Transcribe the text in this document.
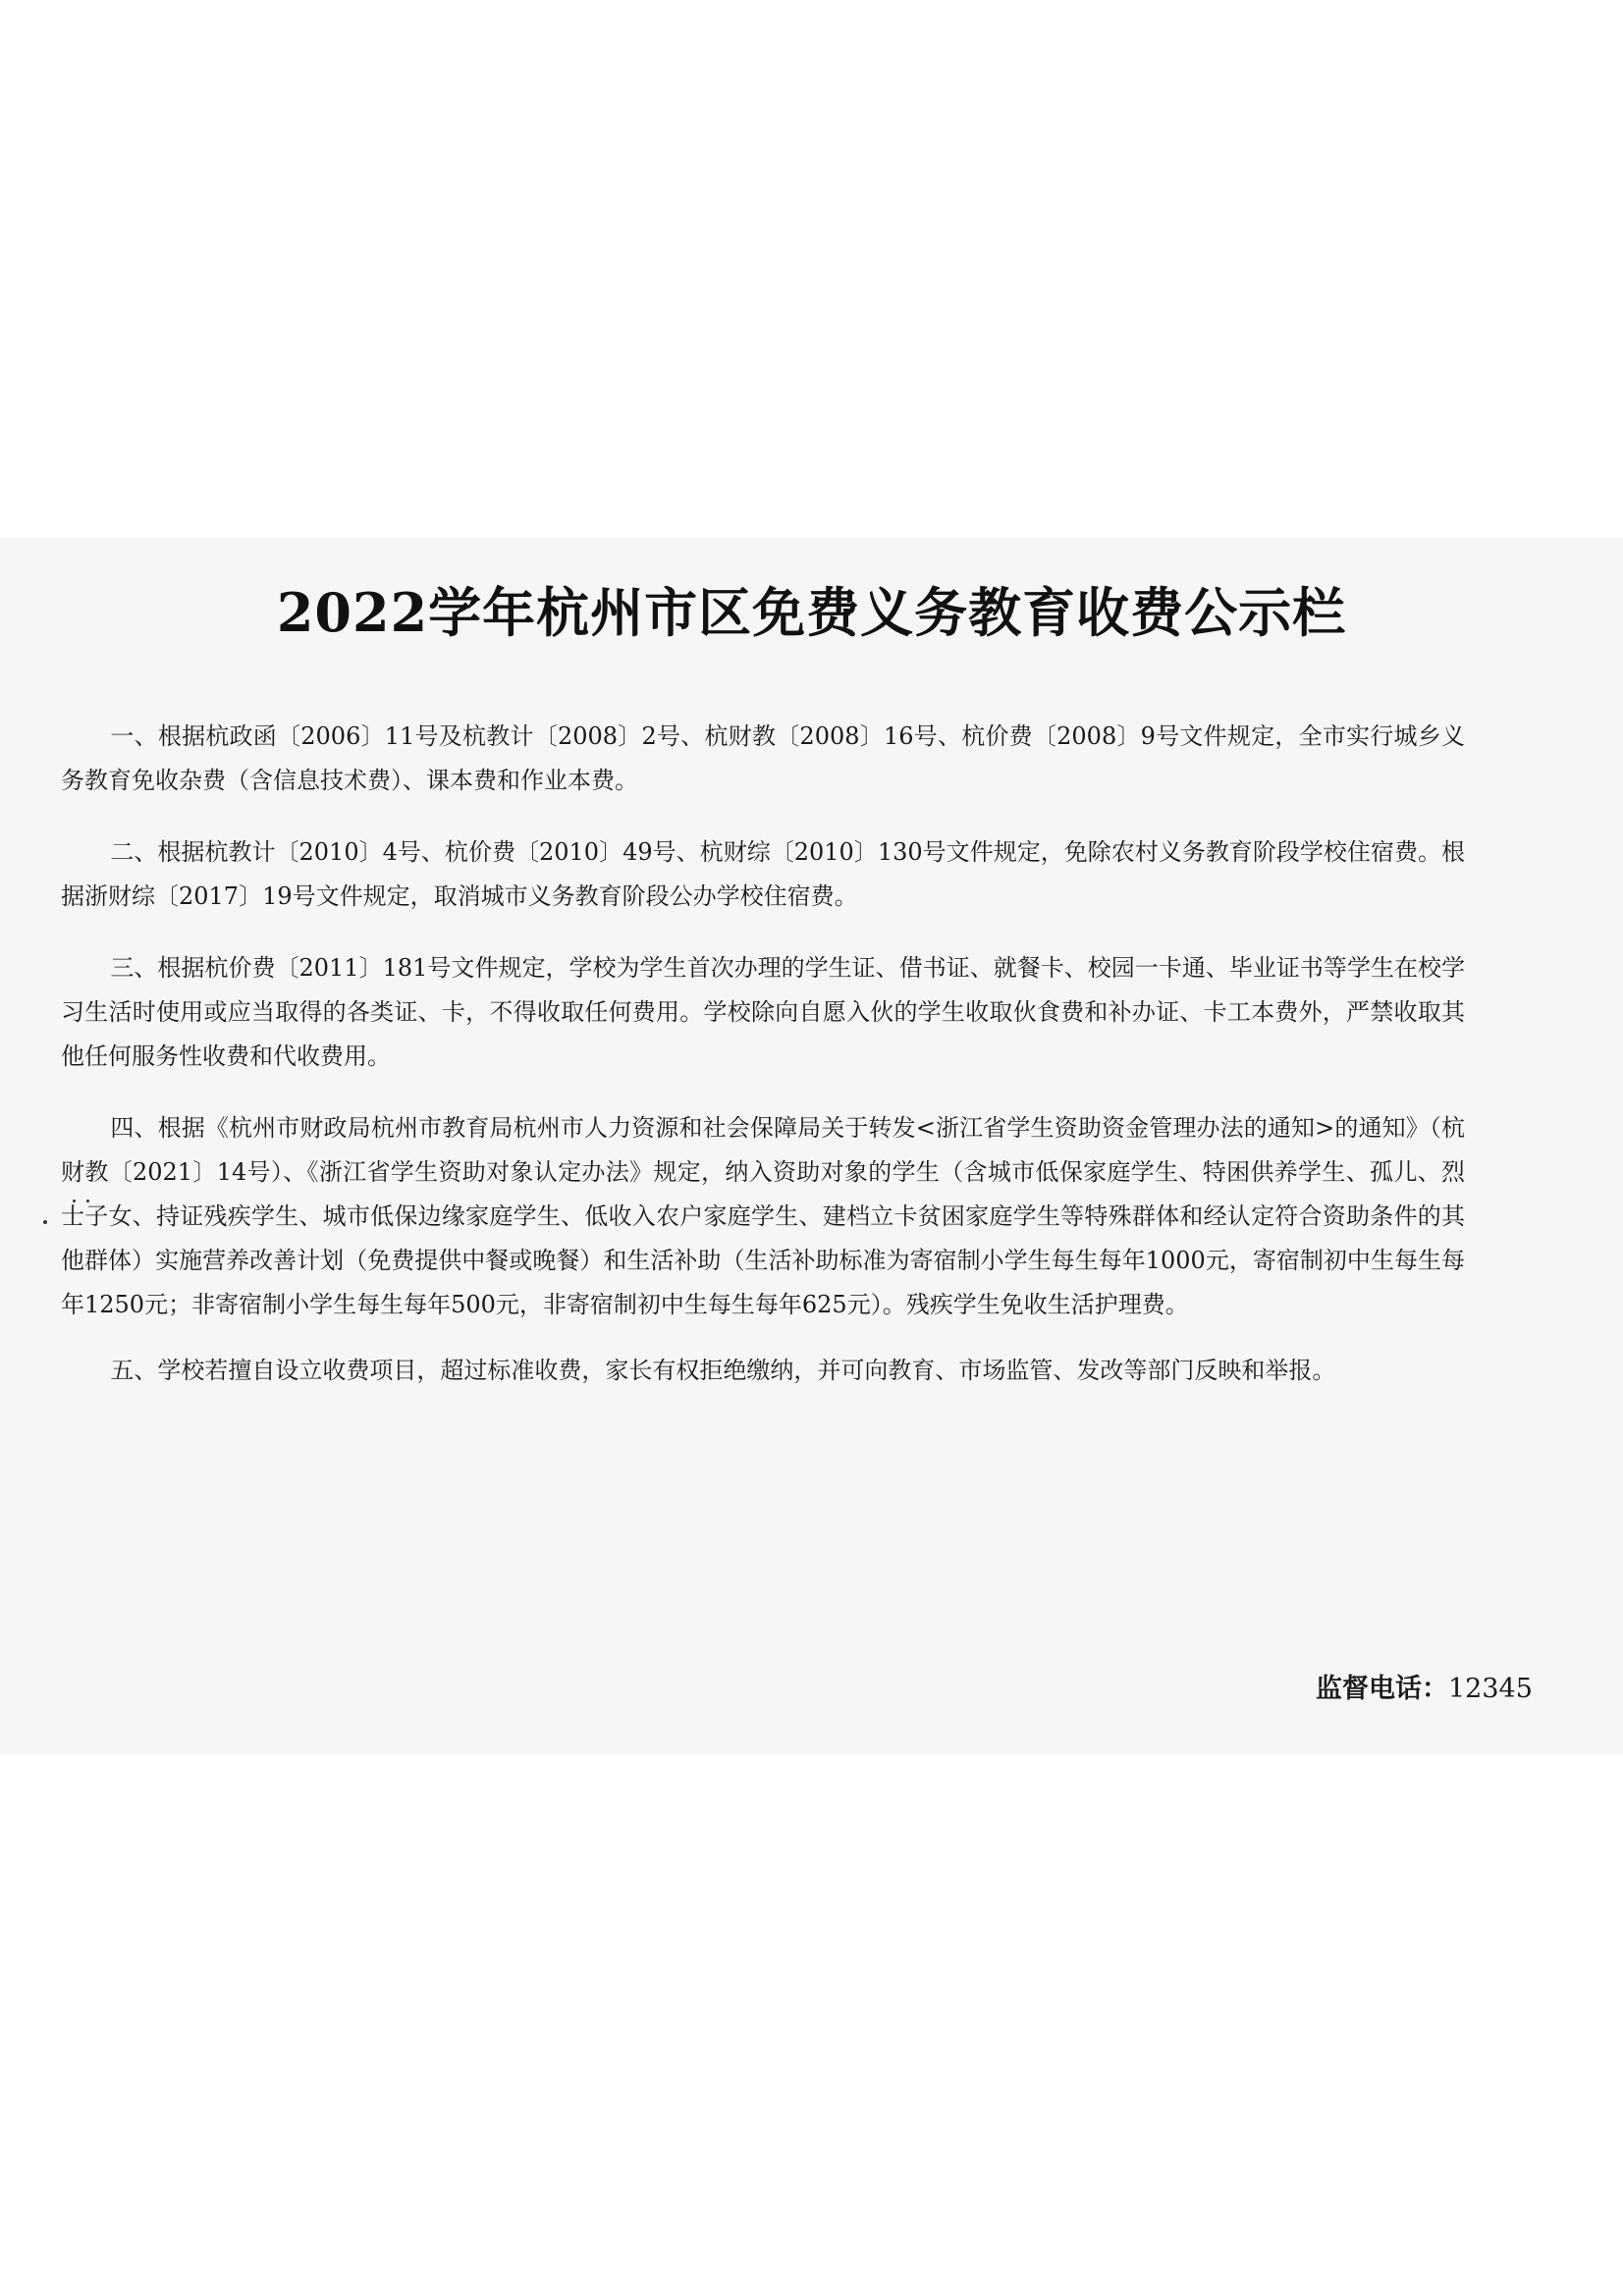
2022学年杭州市区免费义务教育收费公示栏

一、根据杭政函〔2006〕11号及杭教计〔2008〕2号、杭财教〔2008〕16号、杭价费〔2008〕9号文件规定，全市实行城乡义务教育免收杂费（含信息技术费）、课本费和作业本费。

二、根据杭教计〔2010〕4号、杭价费〔2010〕49号、杭财综〔2010〕130号文件规定，免除农村义务教育阶段学校住宿费。根据浙财综〔2017〕19号文件规定，取消城市义务教育阶段公办学校住宿费。

三、根据杭价费〔2011〕181号文件规定，学校为学生首次办理的学生证、借书证、就餐卡、校园一卡通、毕业证书等学生在校学习生活时使用或应当取得的各类证、卡，不得收取任何费用。学校除向自愿入伙的学生收取伙食费和补办证、卡工本费外，严禁收取其他任何服务性收费和代收费用。

四、根据《杭州市财政局杭州市教育局杭州市人力资源和社会保障局关于转发<浙江省学生资助资金管理办法的通知>的通知》（杭财教〔2021〕14号）、《浙江省学生资助对象认定办法》规定，纳入资助对象的学生（含城市低保家庭学生、特困供养学生、孤儿、烈士子女、持证残疾学生、城市低保边缘家庭学生、低收入农户家庭学生、建档立卡贫困家庭学生等特殊群体和经认定符合资助条件的其他群体）实施营养改善计划（免费提供中餐或晚餐）和生活补助（生活补助标准为寄宿制小学生每生每年1000元，寄宿制初中生每生每年1250元；非寄宿制小学生每生每年500元，非寄宿制初中生每生每年625元）。残疾学生免收生活护理费。

五、学校若擅自设立收费项目，超过标准收费，家长有权拒绝缴纳，并可向教育、市场监管、发改等部门反映和举报。

监督电话：12345
